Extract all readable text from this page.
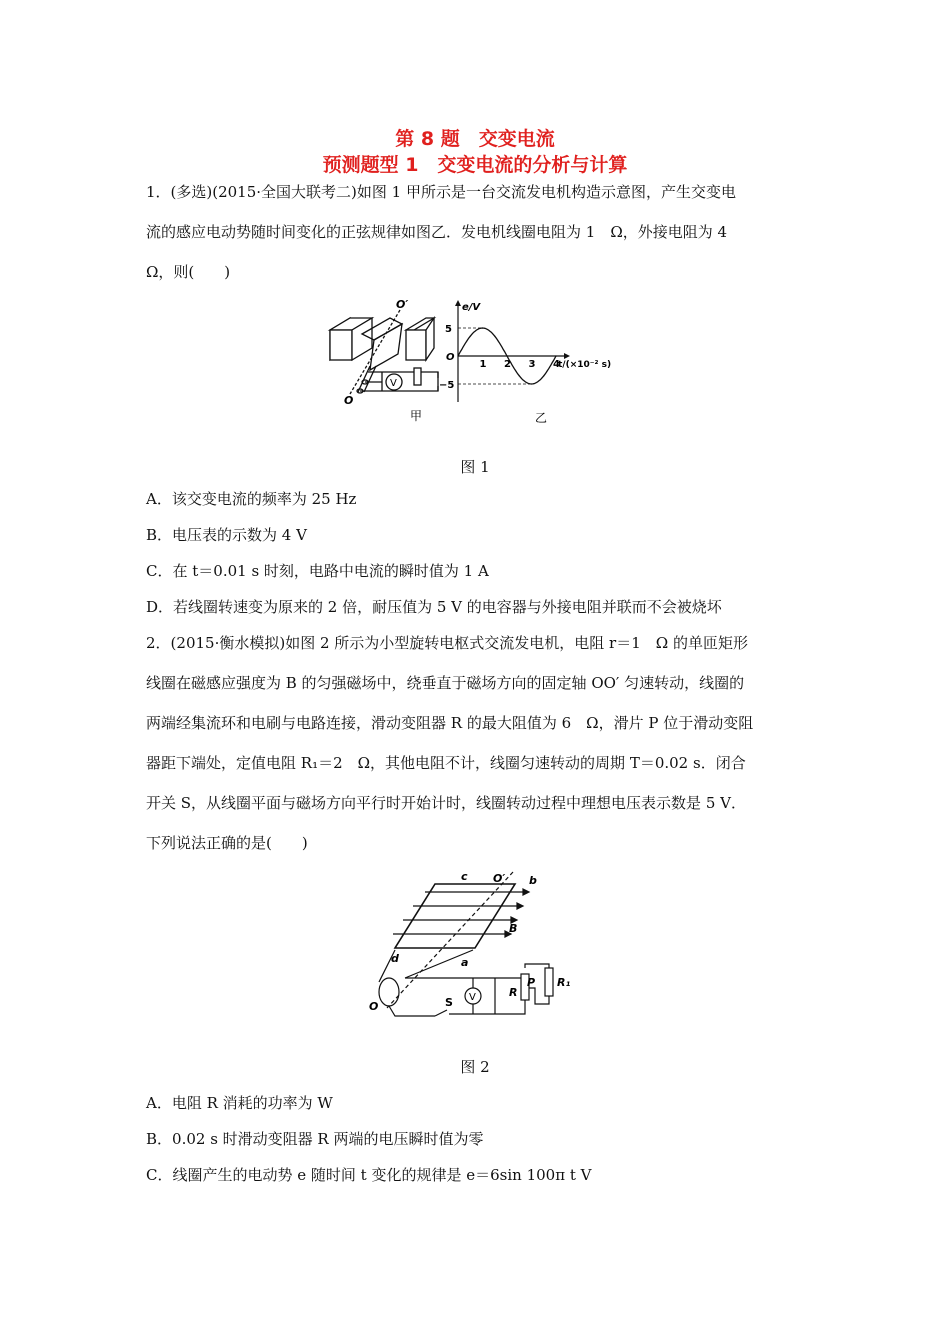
第 8 题　交变电流
预测题型 1　交变电流的分析与计算
1．(多选)(2015·全国大联考二)如图 1 甲所示是一台交流发电机构造示意图，产生交变电
流的感应电动势随时间变化的正弦规律如图乙．发电机线圈电阻为 1　Ω，外接电阻为 4
Ω，则(　　)
V
O′
O
甲	乙
1 2 3 4
5
−5
O
e/V
t/(×10⁻² s)
图 1
A．该交变电流的频率为 25 Hz
B．电压表的示数为 4 V
C．在 t＝0.01 s 时刻，电路中电流的瞬时值为 1 A
D．若线圈转速变为原来的 2 倍，耐压值为 5 V 的电容器与外接电阻并联而不会被烧坏
2．(2015·衡水模拟)如图 2 所示为小型旋转电枢式交流发电机，电阻 r＝1　Ω 的单匝矩形
线圈在磁感应强度为 B 的匀强磁场中，绕垂直于磁场方向的固定轴 OO′ 匀速转动，线圈的
两端经集流环和电刷与电路连接，滑动变阻器 R 的最大阻值为 6　Ω，滑片 P 位于滑动变阻
器距下端处，定值电阻 R₁＝2　Ω，其他电阻不计，线圈匀速转动的周期 T＝0.02 s．闭合
开关 S，从线圈平面与磁场方向平行时开始计时，线圈转动过程中理想电压表示数是 5 V．
下列说法正确的是(　　)
c O′ b
B
d	a
O	S V	R
P R₁
图 2
A．电阻 R 消耗的功率为 W
B．0.02 s 时滑动变阻器 R 两端的电压瞬时值为零
C．线圈产生的电动势 e 随时间 t 变化的规律是 e＝6sin 100π t V
